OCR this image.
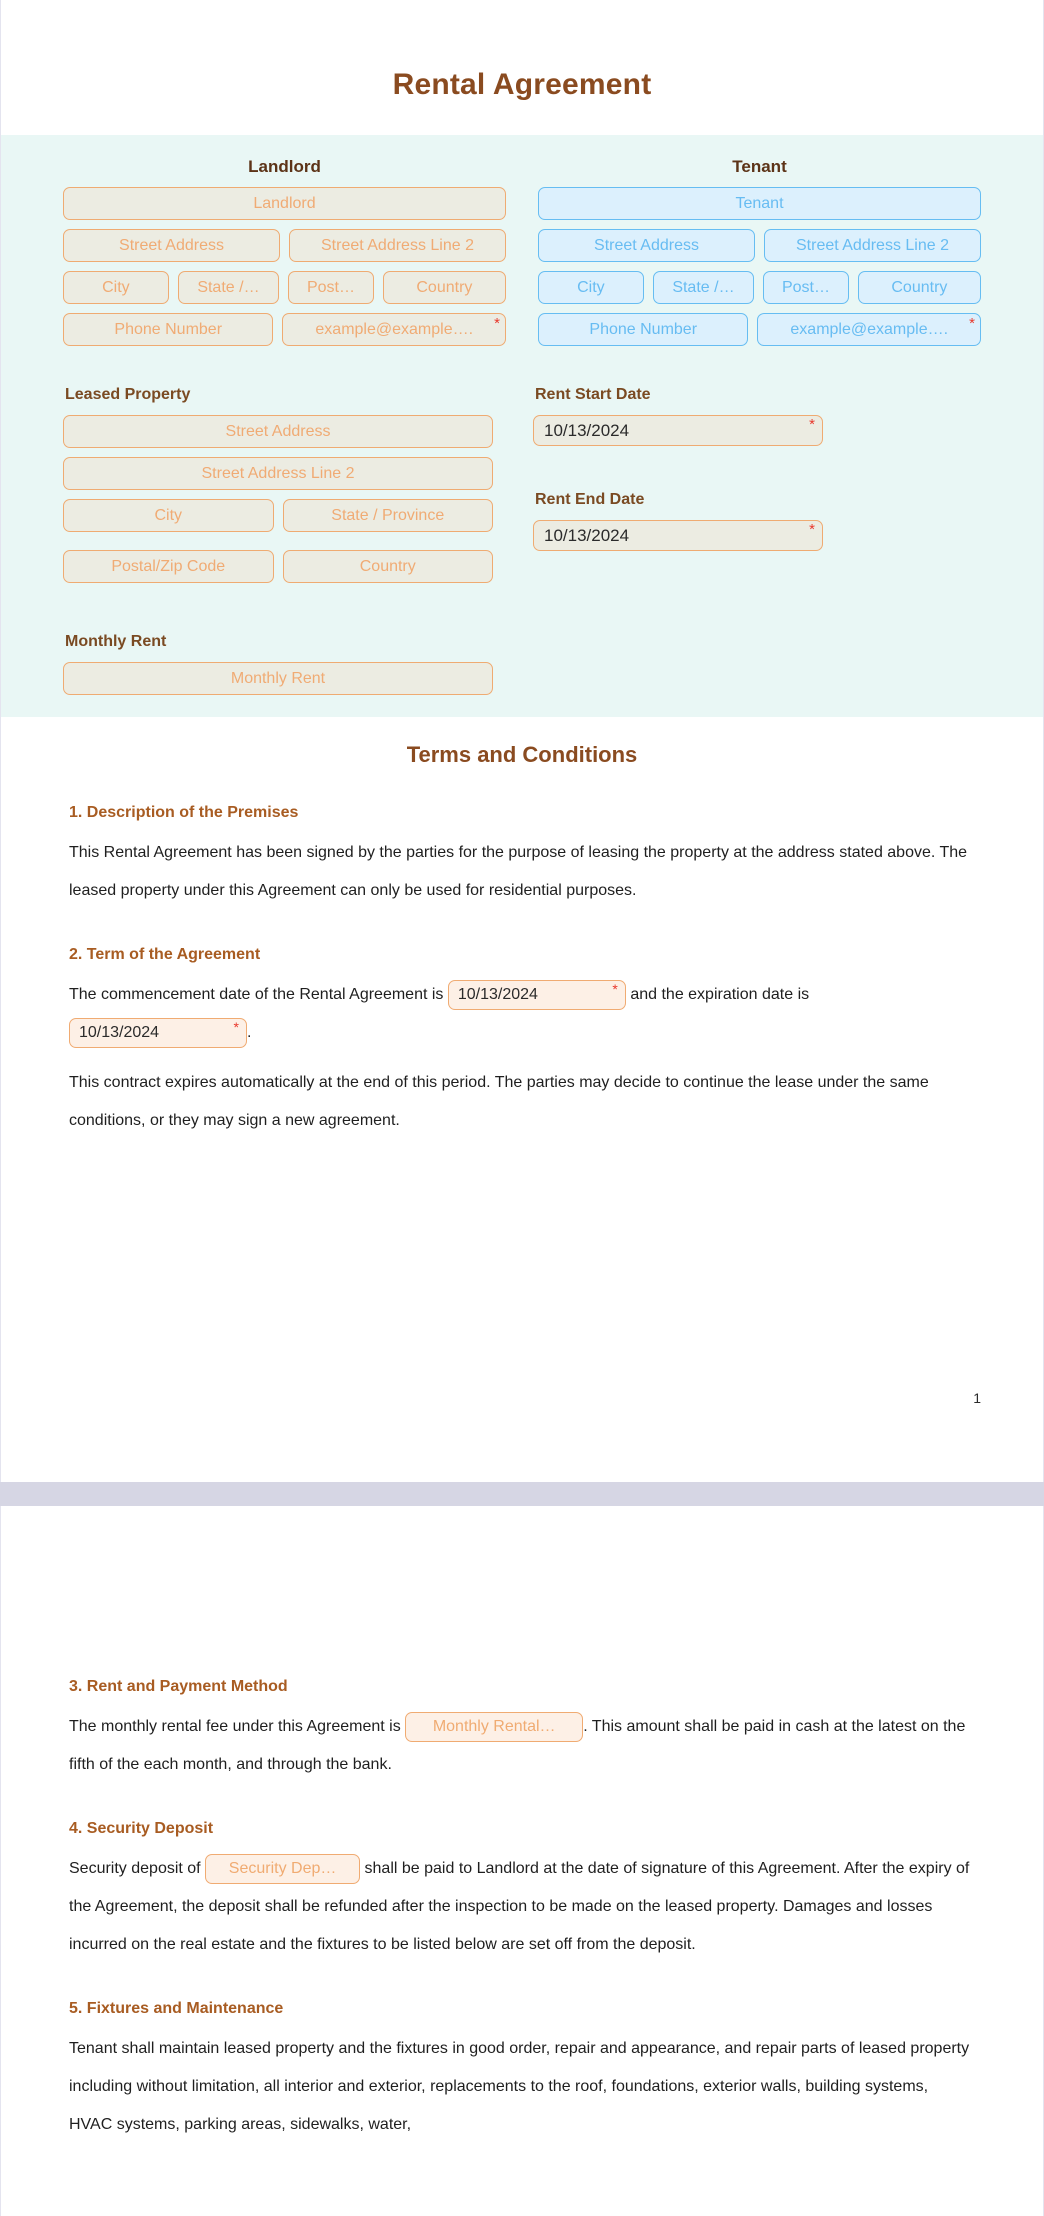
Rental Agreement
Landlord
Landlord
Street Address	Street Address Line 2
City	State /…	Post…	Country
Phone Number	example@example…. *
Tenant
Tenant
Street Address	Street Address Line 2
City	State /…	Post…	Country
Phone Number	example@example…. *
Leased Property
Street Address
Street Address Line 2
City	State / Province
Postal/Zip Code	Country
Rent Start Date
10/13/2024	*
Rent End Date
10/13/2024	*
Monthly Rent
Monthly Rent
Terms and Conditions
1. Description of the Premises

This Rental Agreement has been signed by the parties for the purpose of leasing the property at the address stated above. The leased property under this Agreement can only be used for residential purposes.

2. Term of the Agreement

The commencement date of the Rental Agreement is 10/13/2024	* and the expiration date is 10/13/2024	* .

This contract expires automatically at the end of this period. The parties may decide to continue the lease under the same conditions, or they may sign a new agreement.

1
3. Rent and Payment Method

The monthly rental fee under this Agreement is Monthly Rental… . This amount shall be paid in cash at the latest on the fifth of the each month, and through the bank.

4. Security Deposit

Security deposit of Security Dep… shall be paid to Landlord at the date of signature of this Agreement. After the expiry of the Agreement, the deposit shall be refunded after the inspection to be made on the leased property. Damages and losses incurred on the real estate and the fixtures to be listed below are set off from the deposit.

5. Fixtures and Maintenance

Tenant shall maintain leased property and the fixtures in good order, repair and appearance, and repair parts of leased property including without limitation, all interior and exterior, replacements to the roof, foundations, exterior walls, building systems, HVAC systems, parking areas, sidewalks, water,
